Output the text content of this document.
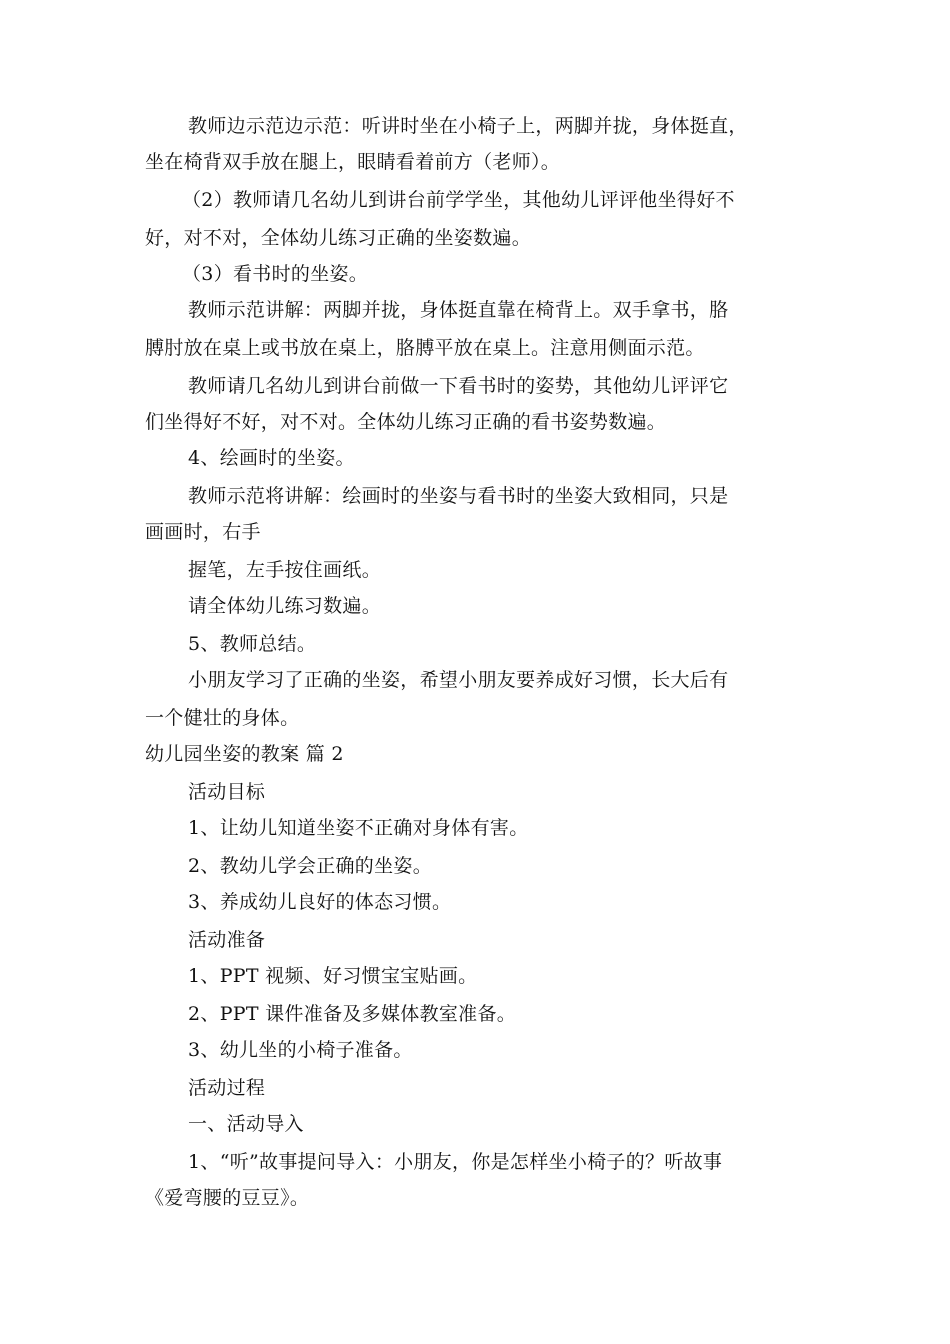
教师边示范边示范：听讲时坐在小椅子上，两脚并拢，身体挺直，
坐在椅背双手放在腿上，眼睛看着前方（老师）。
（2）教师请几名幼儿到讲台前学学坐，其他幼儿评评他坐得好不
好，对不对，全体幼儿练习正确的坐姿数遍。
（3）看书时的坐姿。
教师示范讲解：两脚并拢，身体挺直靠在椅背上。双手拿书，胳
膊肘放在桌上或书放在桌上，胳膊平放在桌上。注意用侧面示范。
教师请几名幼儿到讲台前做一下看书时的姿势，其他幼儿评评它
们坐得好不好，对不对。全体幼儿练习正确的看书姿势数遍。
4、绘画时的坐姿。
教师示范将讲解：绘画时的坐姿与看书时的坐姿大致相同，只是
画画时，右手
握笔，左手按住画纸。
请全体幼儿练习数遍。
5、教师总结。
小朋友学习了正确的坐姿，希望小朋友要养成好习惯，长大后有
一个健壮的身体。
幼儿园坐姿的教案 篇 2
活动目标
1、让幼儿知道坐姿不正确对身体有害。
2、教幼儿学会正确的坐姿。
3、养成幼儿良好的体态习惯。
活动准备
1、PPT 视频、好习惯宝宝贴画。
2、PPT 课件准备及多媒体教室准备。
3、幼儿坐的小椅子准备。
活动过程
一、活动导入
1、“听”故事提问导入：小朋友，你是怎样坐小椅子的？听故事
《爱弯腰的豆豆》。
